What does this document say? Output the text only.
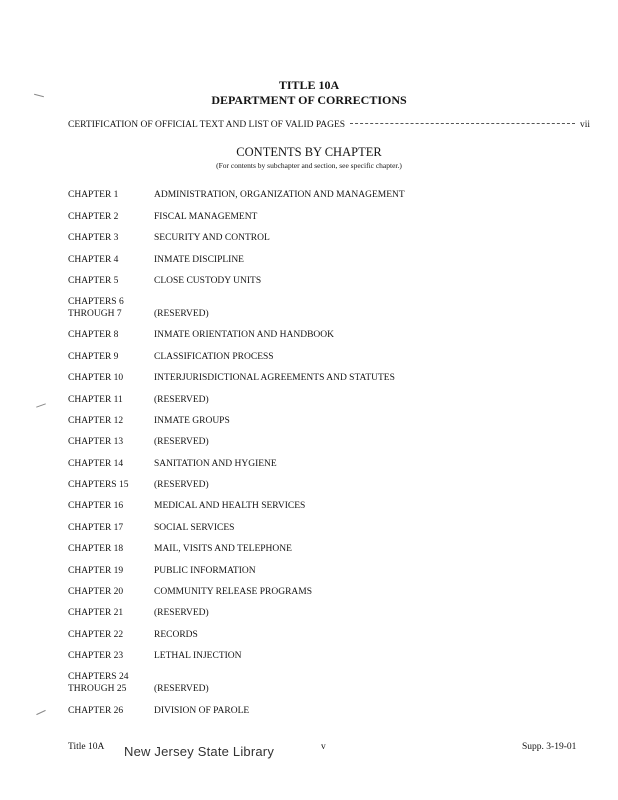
TITLE 10A
DEPARTMENT OF CORRECTIONS
CERTIFICATION OF OFFICIAL TEXT AND LIST OF VALID PAGES	vii
CONTENTS BY CHAPTER
(For contents by subchapter and section, see specific chapter.)
CHAPTER 1	ADMINISTRATION, ORGANIZATION AND MANAGEMENT
CHAPTER 2	FISCAL MANAGEMENT
CHAPTER 3	SECURITY AND CONTROL
CHAPTER 4	INMATE DISCIPLINE
CHAPTER 5	CLOSE CUSTODY UNITS
CHAPTERS 6
THROUGH 7	(RESERVED)
CHAPTER 8	INMATE ORIENTATION AND HANDBOOK
CHAPTER 9	CLASSIFICATION PROCESS
CHAPTER 10	INTERJURISDICTIONAL AGREEMENTS AND STATUTES
CHAPTER 11	(RESERVED)
CHAPTER 12	INMATE GROUPS
CHAPTER 13	(RESERVED)
CHAPTER 14	SANITATION AND HYGIENE
CHAPTERS 15	(RESERVED)
CHAPTER 16	MEDICAL AND HEALTH SERVICES
CHAPTER 17	SOCIAL SERVICES
CHAPTER 18	MAIL, VISITS AND TELEPHONE
CHAPTER 19	PUBLIC INFORMATION
CHAPTER 20	COMMUNITY RELEASE PROGRAMS
CHAPTER 21	(RESERVED)
CHAPTER 22	RECORDS
CHAPTER 23	LETHAL INJECTION
CHAPTERS 24
THROUGH 25	(RESERVED)
CHAPTER 26	DIVISION OF PAROLE
Title 10A	v	Supp. 3-19-01
New Jersey State Library
